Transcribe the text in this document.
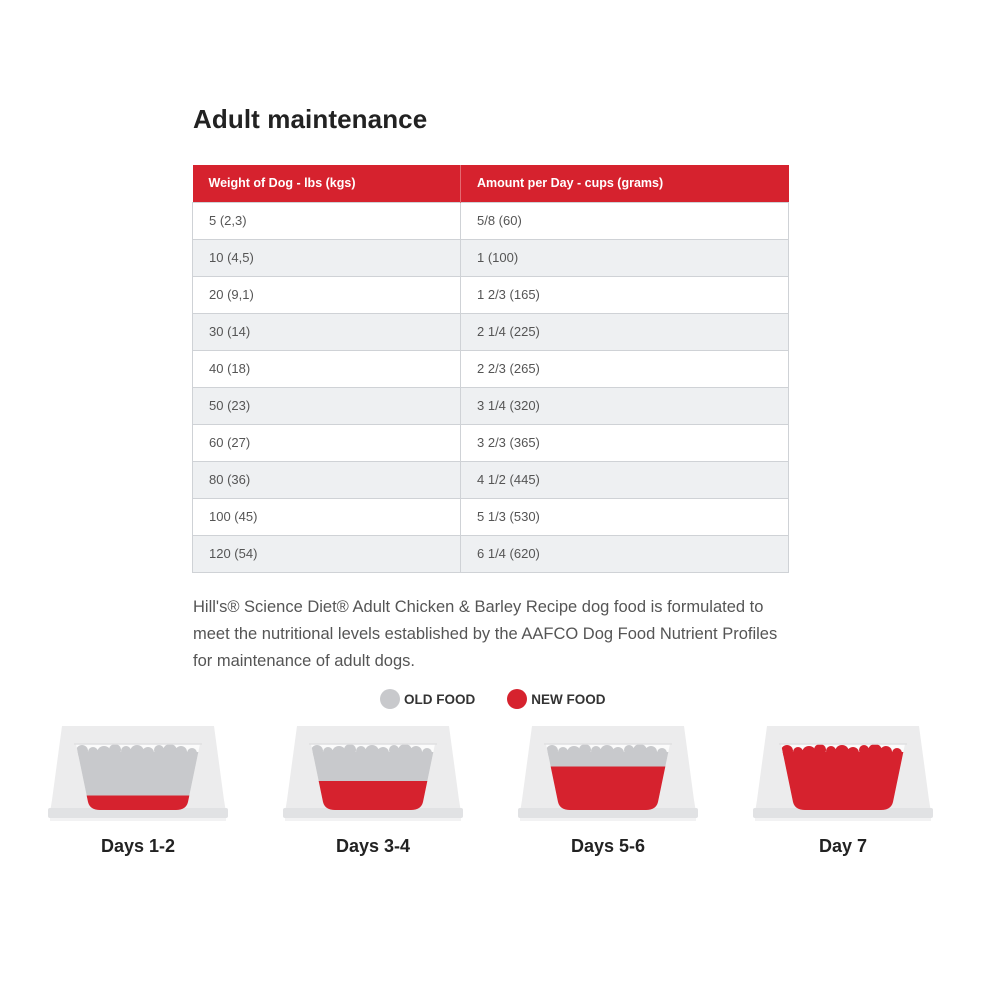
Adult maintenance
Weight of Dog - lbs (kgs)	Amount per Day - cups (grams)
5 (2,3)	5/8 (60)
10 (4,5)	1 (100)
20 (9,1)	1 2/3 (165)
30 (14)	2 1/4 (225)
40 (18)	2 2/3 (265)
50 (23)	3 1/4 (320)
60 (27)	3 2/3 (365)
80 (36)	4 1/2 (445)
100 (45)	5 1/3 (530)
120 (54)	6 1/4 (620)

Hill's® Science Diet® Adult Chicken & Barley Recipe dog food is formulated to meet the nutritional levels established by the AAFCO Dog Food Nutrient Profiles for maintenance of adult dogs.

OLD FOOD	NEW FOOD
Days 1-2	Days 3-4	Days 5-6	Day 7
